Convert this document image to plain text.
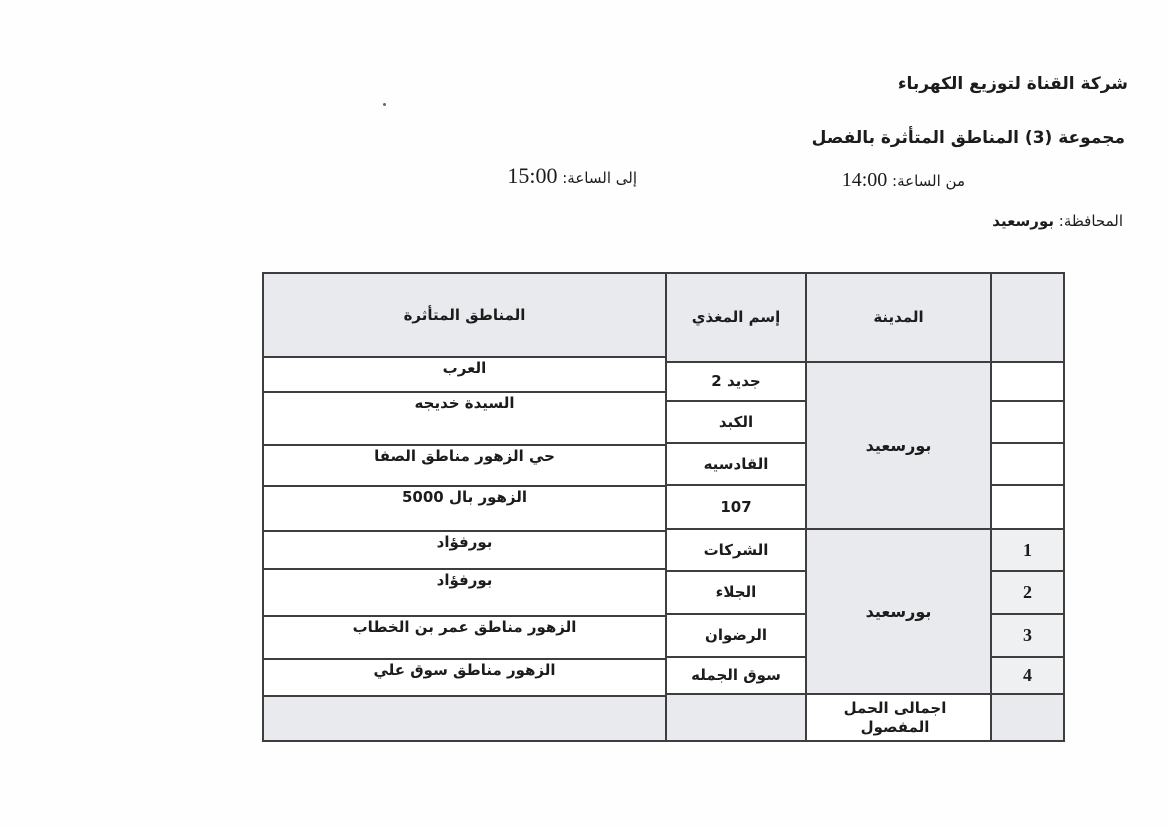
شركة القناة لتوزيع الكهرباء
مجموعة (3) المناطق المتأثرة بالفصل
من الساعة: 14:00
إلى الساعة: 15:00
المحافظة: بورسعيد
المناطق المتأثرة
العرب
السيدة خديجه
حي الزهور مناطق الصفا
الزهور بال 5000
بورفؤاد
بورفؤاد
الزهور مناطق عمر بن الخطاب
الزهور مناطق سوق علي
إسم المغذي
جديد 2
الكبد
القادسيه
107
الشركات
الجلاء
الرضوان
سوق الجمله
المدينة
بورسعيد
بورسعيد
اجمالى الحمل المفصول
1
2
3
4
